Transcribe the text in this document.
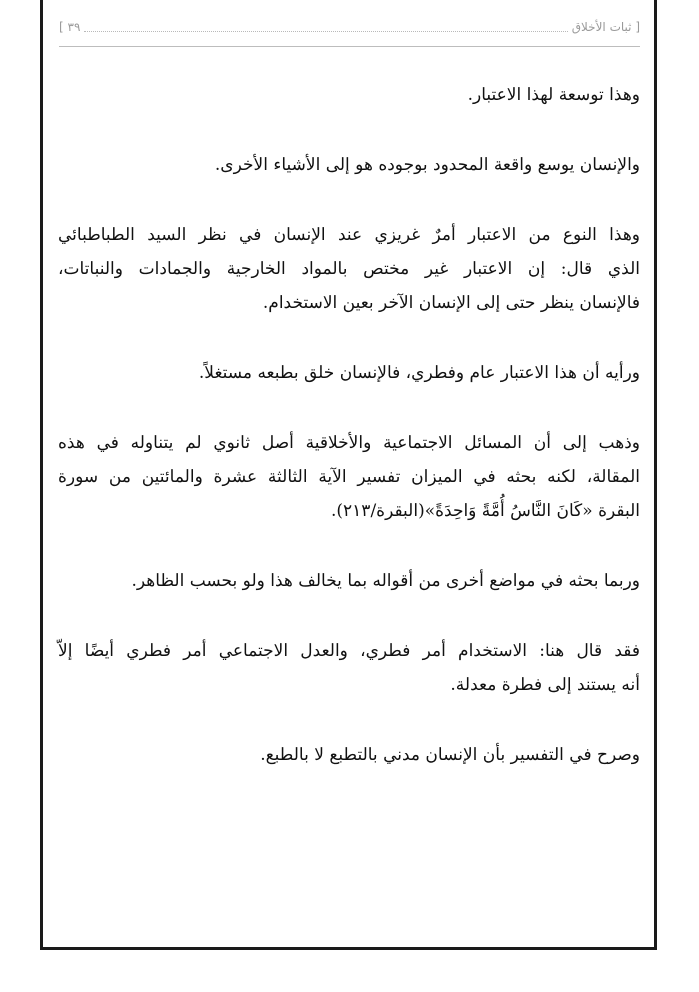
[ ثبات الأخلاق
٣٩ ]
وهذا توسعة لهذا الاعتبار.
والإنسان يوسع واقعة المحدود بوجوده هو إلى الأشياء الأخرى.
وهذا النوع من الاعتبار أمرٌ غريزي عند الإنسان في نظر السيد الطباطبائي
الذي قال: إن الاعتبار غير مختص بالمواد الخارجية والجمادات والنباتات،
فالإنسان ينظر حتى إلى الإنسان الآخر بعين الاستخدام.
ورأيه أن هذا الاعتبار عام وفطري، فالإنسان خلق بطبعه مستغلاً.
وذهب إلى أن المسائل الاجتماعية والأخلاقية أصل ثانوي لم يتناوله في هذه
المقالة، لكنه بحثه في الميزان تفسير الآية الثالثة عشرة والمائتين من سورة
البقرة «كَانَ النَّاسُ أُمَّةً وَاحِدَةً»(البقرة/٢١٣).
وربما بحثه في مواضع أخرى من أقواله بما يخالف هذا ولو بحسب الظاهر.
فقد قال هنا: الاستخدام أمر فطري، والعدل الاجتماعي أمر فطري أيضًا إلاّ
أنه يستند إلى فطرة معدلة.
وصرح في التفسير بأن الإنسان مدني بالتطبع لا بالطبع.
